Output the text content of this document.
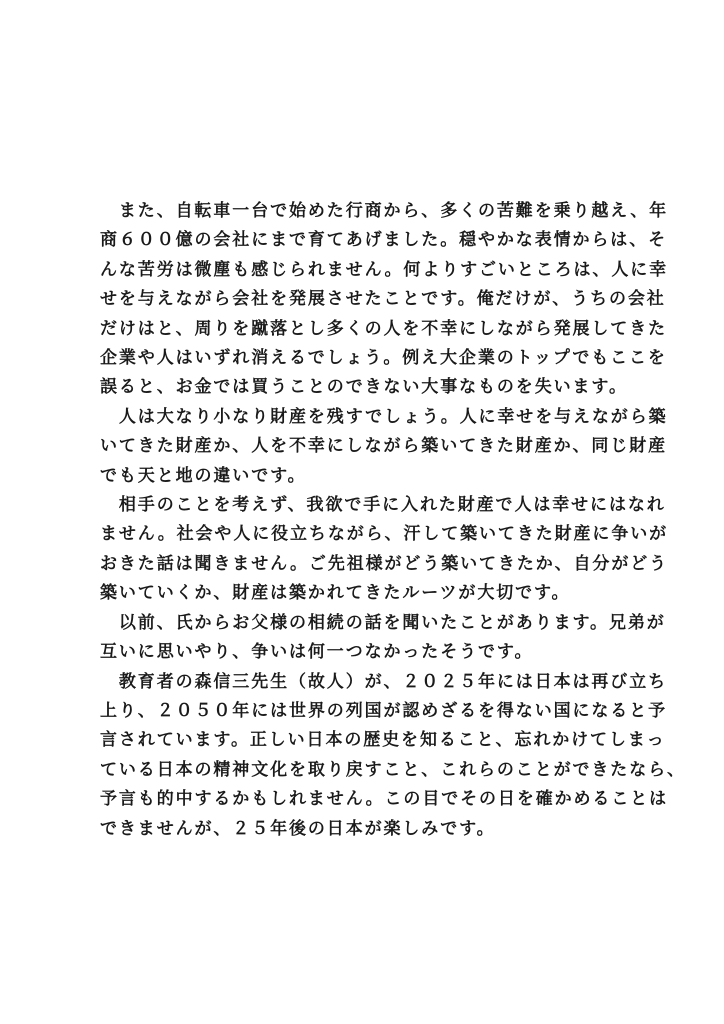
　また、自転車一台で始めた行商から、多くの苦難を乗り越え、年
商６００億の会社にまで育てあげました。穏やかな表情からは、そ
んな苦労は微塵も感じられません。何よりすごいところは、人に幸
せを与えながら会社を発展させたことです。俺だけが、うちの会社
だけはと、周りを蹴落とし多くの人を不幸にしながら発展してきた
企業や人はいずれ消えるでしょう。例え大企業のトップでもここを
誤ると、お金では買うことのできない大事なものを失います。

　人は大なり小なり財産を残すでしょう。人に幸せを与えながら築
いてきた財産か、人を不幸にしながら築いてきた財産か、同じ財産
でも天と地の違いです。

　相手のことを考えず、我欲で手に入れた財産で人は幸せにはなれ
ません。社会や人に役立ちながら、汗して築いてきた財産に争いが
おきた話は聞きません。ご先祖様がどう築いてきたか、自分がどう
築いていくか、財産は築かれてきたルーツが大切です。

　以前、氏からお父様の相続の話を聞いたことがあります。兄弟が
互いに思いやり、争いは何一つなかったそうです。

　教育者の森信三先生（故人）が、２０２５年には日本は再び立ち
上り、２０５０年には世界の列国が認めざるを得ない国になると予
言されています。正しい日本の歴史を知ること、忘れかけてしまっ
ている日本の精神文化を取り戻すこと、これらのことができたなら、
予言も的中するかもしれません。この目でその日を確かめることは
できませんが、２５年後の日本が楽しみです。
